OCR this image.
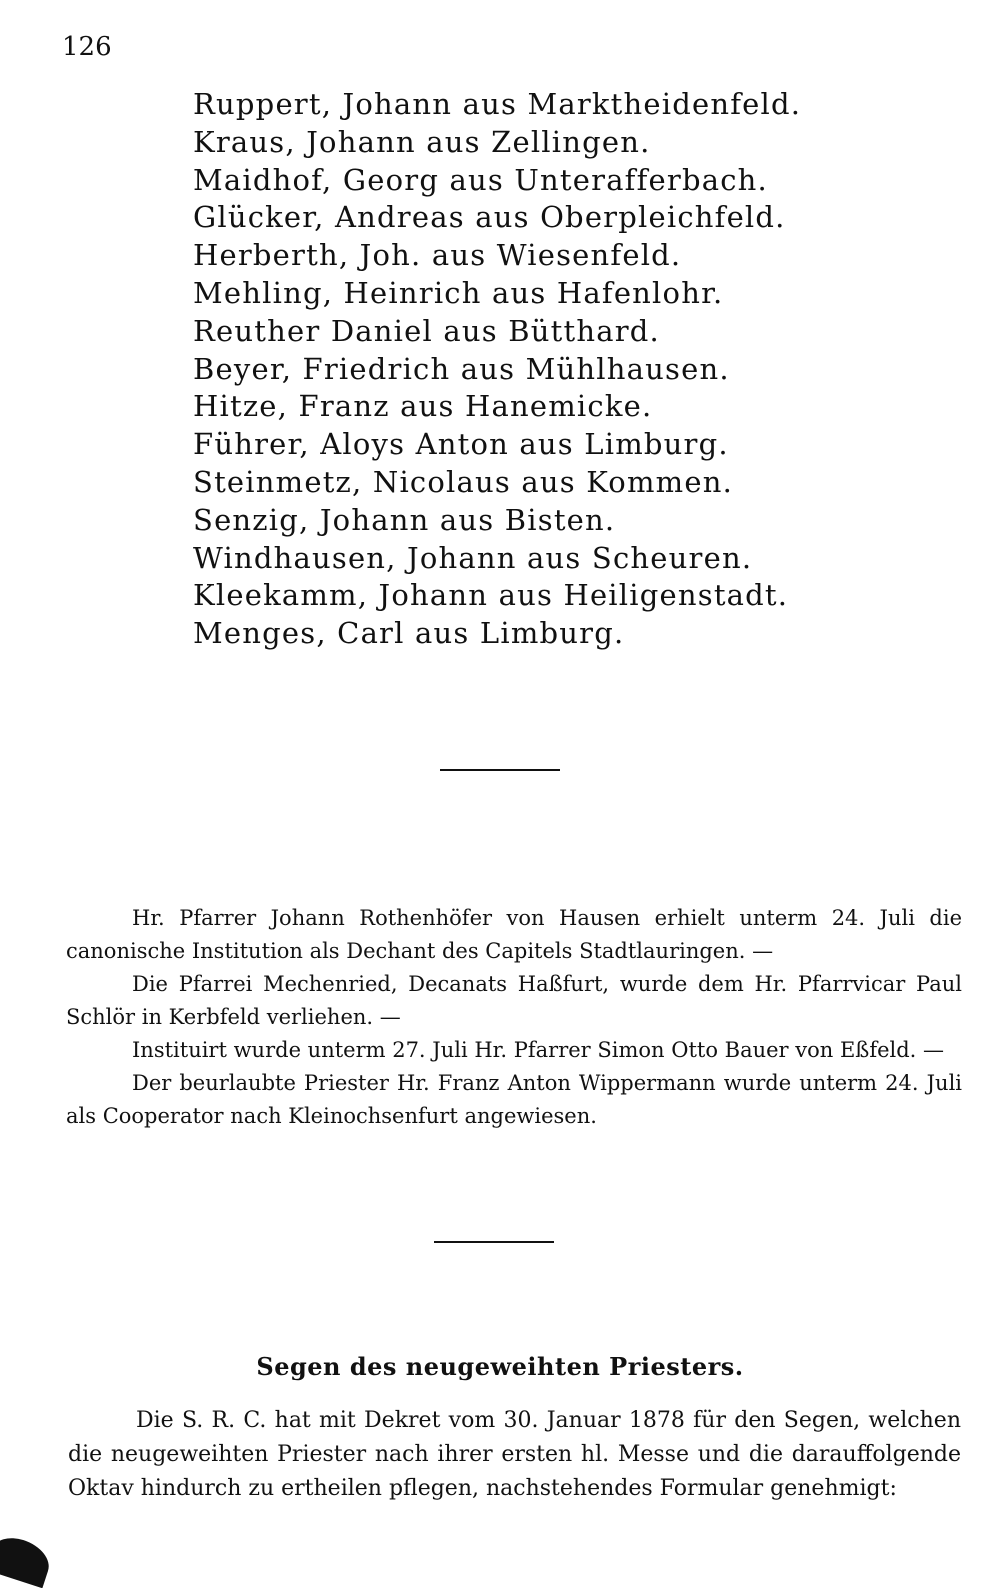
126
Ruppert, Johann aus Marktheidenfeld.
Kraus, Johann aus Zellingen.
Maidhof, Georg aus Unterafferbach.
Glücker, Andreas aus Oberpleichfeld.
Herberth, Joh. aus Wiesenfeld.
Mehling, Heinrich aus Hafenlohr.
Reuther Daniel aus Bütthard.
Beyer, Friedrich aus Mühlhausen.
Hitze, Franz aus Hanemicke.
Führer, Aloys Anton aus Limburg.
Steinmetz, Nicolaus aus Kommen.
Senzig, Johann aus Bisten.
Windhausen, Johann aus Scheuren.
Kleekamm, Johann aus Heiligenstadt.
Menges, Carl aus Limburg.

Hr. Pfarrer Johann Rothenhöfer von Hausen erhielt unterm 24. Juli die canonische Institution als Dechant des Capitels Stadtlauringen. —

Die Pfarrei Mechenried, Decanats Haßfurt, wurde dem Hr. Pfarrvicar Paul Schlör in Kerbfeld verliehen. —

Instituirt wurde unterm 27. Juli Hr. Pfarrer Simon Otto Bauer von Eßfeld. —

Der beurlaubte Priester Hr. Franz Anton Wippermann wurde unterm 24. Juli als Cooperator nach Kleinochsenfurt angewiesen.

Segen des neugeweihten Priesters.

Die S. R. C. hat mit Dekret vom 30. Januar 1878 für den Segen, welchen die neugeweihten Priester nach ihrer ersten hl. Messe und die darauffolgende Oktav hindurch zu ertheilen pflegen, nachstehendes Formular genehmigt:
